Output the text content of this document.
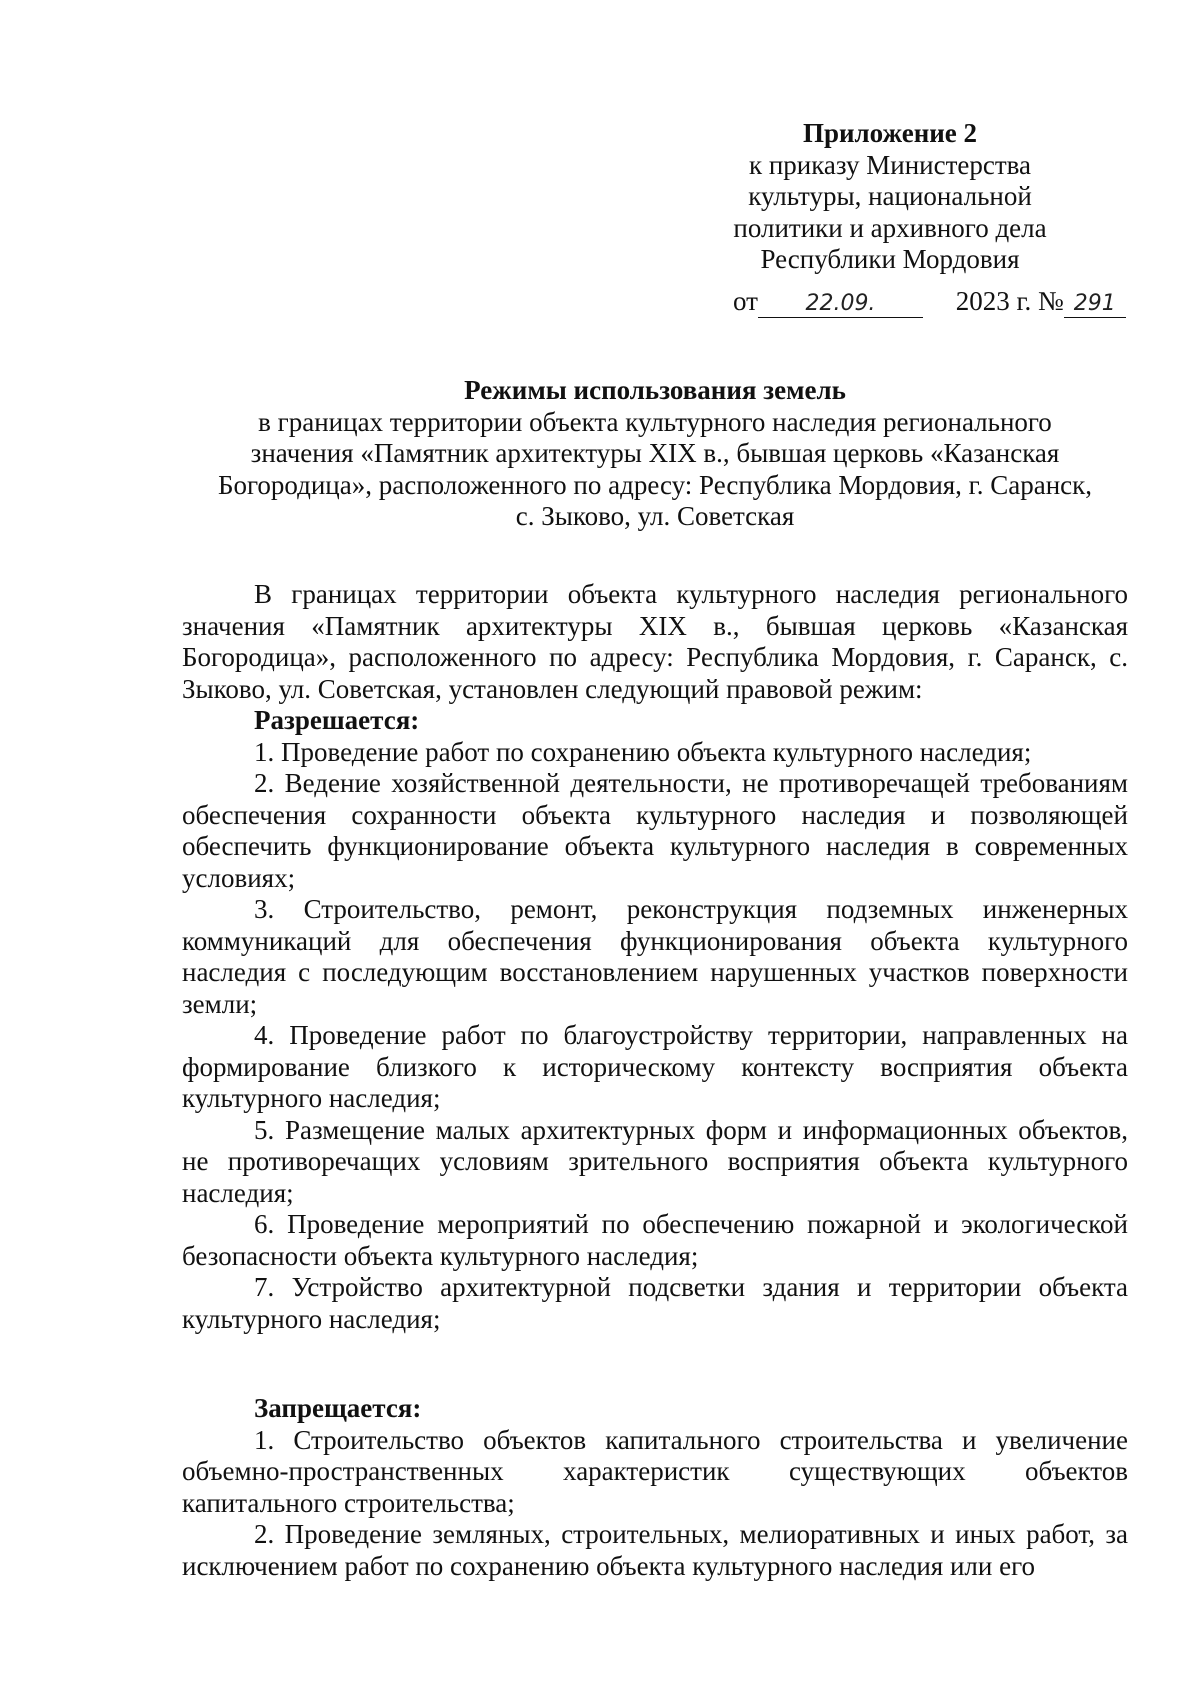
Приложение 2
к приказу Министерства
культуры, национальной
политики и архивного дела
Республики Мордовия
от 22.09.	2023 г. № 291
Режимы использования земель
в границах территории объекта культурного наследия регионального
значения «Памятник архитектуры XIX в., бывшая церковь «Казанская
Богородица», расположенного по адресу: Республика Мордовия, г. Саранск,
с. Зыково, ул. Советская

В границах территории объекта культурного наследия регионального значения «Памятник архитектуры XIX в., бывшая церковь «Казанская Богородица», расположенного по адресу: Республика Мордовия, г. Саранск, с. Зыково, ул. Советская, установлен следующий правовой режим:

Разрешается:

1. Проведение работ по сохранению объекта культурного наследия;

2. Ведение хозяйственной деятельности, не противоречащей требованиям обеспечения сохранности объекта культурного наследия и позволяющей обеспечить функционирование объекта культурного наследия в современных условиях;

3. Строительство, ремонт, реконструкция подземных инженерных коммуникаций для обеспечения функционирования объекта культурного наследия с последующим восстановлением нарушенных участков поверхности земли;

4. Проведение работ по благоустройству территории, направленных на формирование близкого к историческому контексту восприятия объекта культурного наследия;

5. Размещение малых архитектурных форм и информационных объектов, не противоречащих условиям зрительного восприятия объекта культурного наследия;

6. Проведение мероприятий по обеспечению пожарной и экологической безопасности объекта культурного наследия;

7. Устройство архитектурной подсветки здания и территории объекта культурного наследия;

Запрещается:

1. Строительство объектов капитального строительства и увеличение объемно-пространственных характеристик существующих объектов капитального строительства;

2. Проведение земляных, строительных, мелиоративных и иных работ, за исключением работ по сохранению объекта культурного наследия или его
